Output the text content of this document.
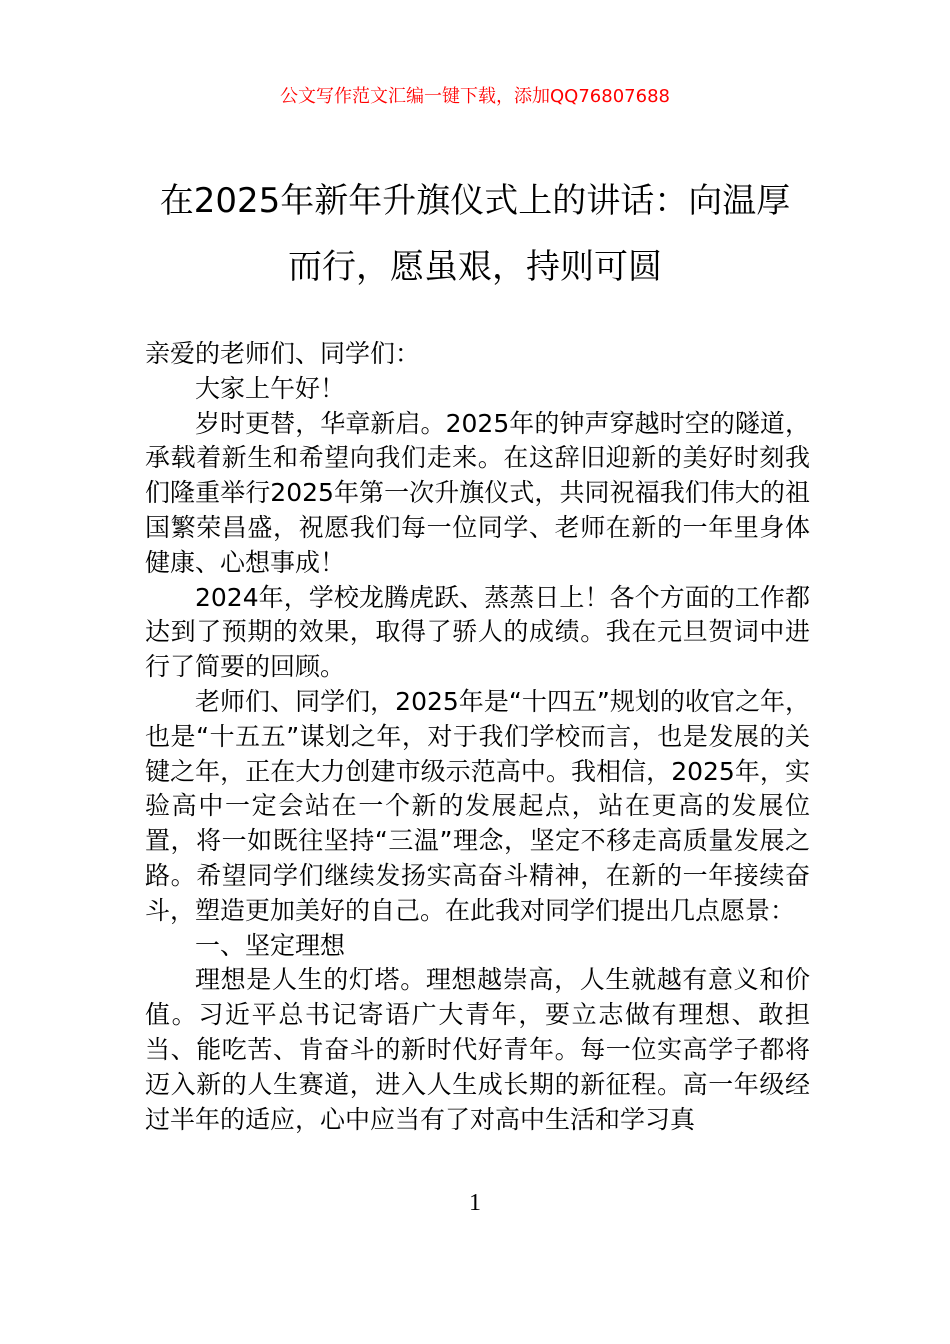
公文写作范文汇编一键下载，添加QQ76807688
在2025年新年升旗仪式上的讲话：向温厚
而行，愿虽艰，持则可圆

亲爱的老师们、同学们：

大家上午好！

岁时更替，华章新启。2025年的钟声穿越时空的隧道，承载着新生和希望向我们走来。在这辞旧迎新的美好时刻我们隆重举行2025年第一次升旗仪式，共同祝福我们伟大的祖国繁荣昌盛，祝愿我们每一位同学、老师在新的一年里身体健康、心想事成！

2024年，学校龙腾虎跃、蒸蒸日上！各个方面的工作都达到了预期的效果，取得了骄人的成绩。我在元旦贺词中进行了简要的回顾。

老师们、同学们，2025年是“十四五”规划的收官之年，也是“十五五”谋划之年，对于我们学校而言，也是发展的关键之年，正在大力创建市级示范高中。我相信，2025年，实验高中一定会站在一个新的发展起点，站在更高的发展位置，将一如既往坚持“三温”理念，坚定不移走高质量发展之路。希望同学们继续发扬实高奋斗精神，在新的一年接续奋斗，塑造更加美好的自己。在此我对同学们提出几点愿景：

一、坚定理想

理想是人生的灯塔。理想越崇高，人生就越有意义和价值。习近平总书记寄语广大青年，要立志做有理想、敢担当、能吃苦、肯奋斗的新时代好青年。每一位实高学子都将迈入新的人生赛道，进入人生成长期的新征程。高一年级经过半年的适应，心中应当有了对高中生活和学习真

1
